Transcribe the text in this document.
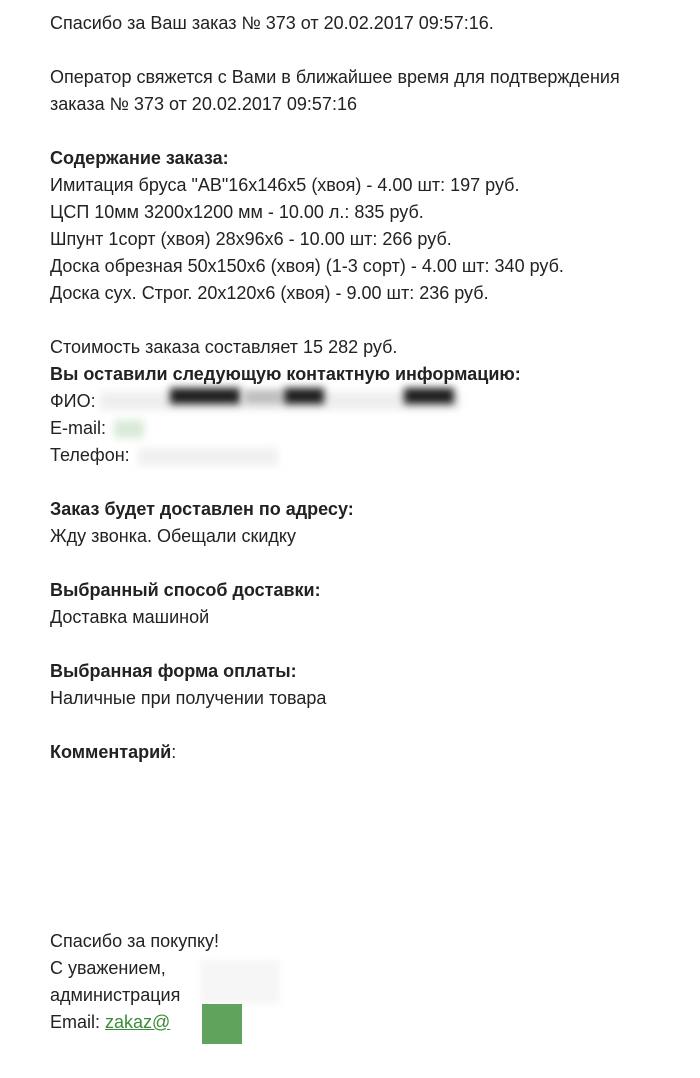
Спасибо за Ваш заказ № 373 от 20.02.2017 09:57:16.
Оператор свяжется с Вами в ближайшее время для подтверждения
заказа № 373 от 20.02.2017 09:57:16
Содержание заказа:
Имитация бруса "АВ"16х146х5 (хвоя) - 4.00 шт: 197 руб.
ЦСП 10мм 3200х1200 мм - 10.00 л.: 835 руб.
Шпунт 1сорт (хвоя) 28х96х6 - 10.00 шт: 266 руб.
Доска обрезная 50х150х6 (хвоя) (1-3 сорт) - 4.00 шт: 340 руб.
Доска сух. Строг. 20х120х6 (хвоя) - 9.00 шт: 236 руб.
Стоимость заказа составляет 15 282 руб.
Вы оставили следующую контактную информацию:
ФИО:
E-mail:
Телефон:
Заказ будет доставлен по адресу:
Жду звонка. Обещали скидку
Выбранный способ доставки:
Доставка машиной
Выбранная форма оплаты:
Наличные при получении товара
Комментарий:
Спасибо за покупку!
С уважением,
администрация
Email: zakaz@
